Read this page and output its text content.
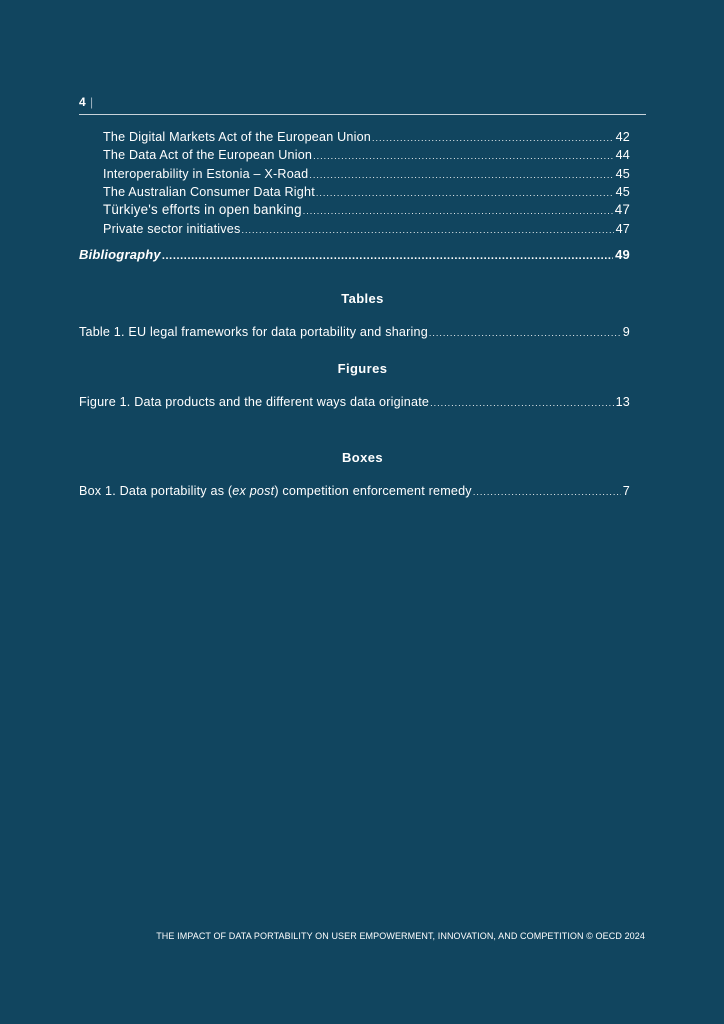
4 |
The Digital Markets Act of the European Union .....	42
The Data Act of the European Union .....	44
Interoperability in Estonia – X-Road .....	45
The Australian Consumer Data Right .....	45
Türkiye's efforts in open banking .....	47
Private sector initiatives .....	47
Bibliography .....	49
Tables
Table 1. EU legal frameworks for data portability and sharing .....	9
Figures
Figure 1. Data products and the different ways data originate .....	13
Boxes
Box 1. Data portability as (ex post) competition enforcement remedy .....	7
THE IMPACT OF DATA PORTABILITY ON USER EMPOWERMENT, INNOVATION, AND COMPETITION © OECD 2024
